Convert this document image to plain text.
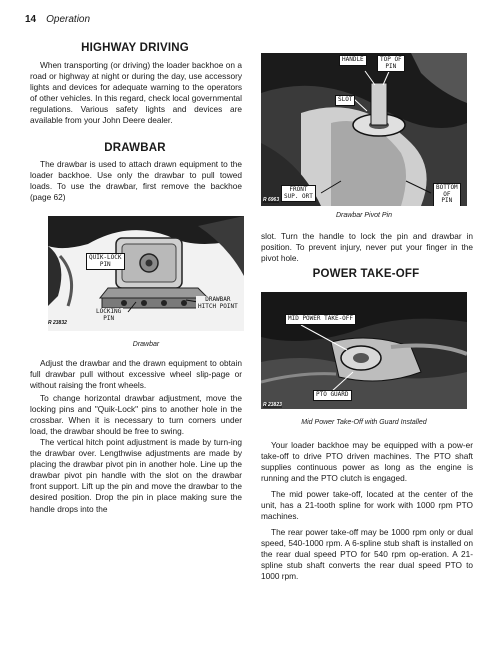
14 Operation
HIGHWAY DRIVING

When transporting (or driving) the loader backhoe on a road or highway at night or during the day, use accessory lights and devices for adequate warning to the operators of other vehicles. In this regard, check local governmental regulations. Various safety lights and devices are available from your John Deere dealer.

DRAWBAR

The drawbar is used to attach drawn equipment to the loader backhoe. Use only the drawbar to pull towed loads. To use the drawbar, first remove the backhoe (page 62)

QUIK-LOCK
PIN
LOCKING
PIN
DRAWBAR
HITCH POINT
R 23832
Drawbar

Adjust the drawbar and the drawn equipment to obtain full drawbar pull without excessive wheel slip-page or without raising the front wheels.

To change horizontal drawbar adjustment, move the locking pins and "Quik-Lock" pins to another hole in the crossbar. When it is necessary to turn corners under load, the drawbar should be free to swing.

The vertical hitch point adjustment is made by turn-ing the drawbar over. Lengthwise adjustments are made by placing the drawbar pivot pin in another hole. Line up the drawbar pivot pin handle with the slot on the drawbar front support. Lift up the pin and move the drawbar to the desired position. Drop the pin in place making sure the handle drops into the

HANDLE	TOP OF
PIN
SLOT
FRONT
SUP. ORT
BOTTOM
OF
PIN
R 6963
Drawbar Pivot Pin

slot. Turn the handle to lock the pin and drawbar in position. To prevent injury, never put your finger in the pivot hole.

POWER TAKE-OFF
MID POWER TAKE-OFF
PTO GUARD
R 23823
Mid Power Take-Off with Guard Installed

Your loader backhoe may be equipped with a pow-er take-off to drive PTO driven machines. The PTO shaft supplies continuous power as long as the engine is running and the PTO clutch is engaged.

The mid power take-off, located at the center of the unit, has a 21-tooth spline for work with 1000 rpm PTO machines.

The rear power take-off may be 1000 rpm only or dual speed, 540-1000 rpm. A 6-spline stub shaft is installed on the rear dual speed PTO for 540 rpm op-eration. A 21-spline stub shaft converts the rear dual speed PTO to 1000 rpm.
